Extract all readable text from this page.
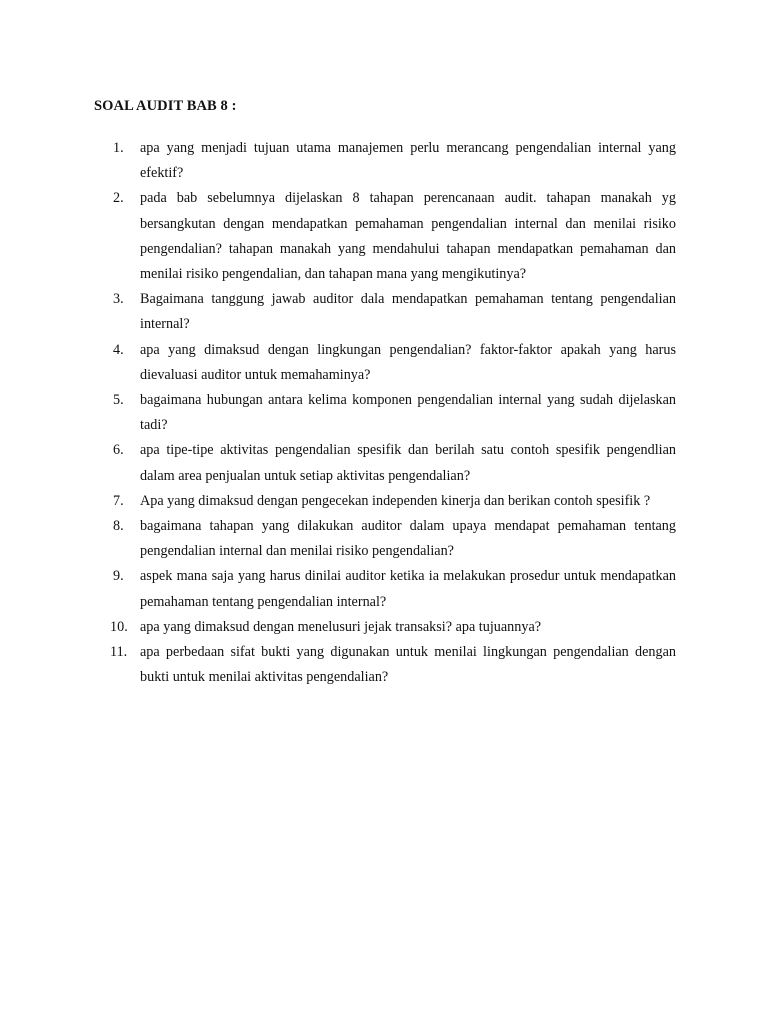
SOAL AUDIT BAB 8 :
1. apa yang menjadi tujuan utama manajemen perlu merancang pengendalian internal yang efektif?
2. pada bab sebelumnya dijelaskan 8 tahapan perencanaan audit. tahapan manakah yg bersangkutan dengan mendapatkan pemahaman pengendalian internal dan menilai risiko pengendalian? tahapan manakah yang mendahului tahapan mendapatkan pemahaman dan menilai risiko pengendalian, dan tahapan mana yang mengikutinya?
3. Bagaimana tanggung jawab auditor dala mendapatkan pemahaman tentang pengendalian internal?
4. apa yang dimaksud dengan lingkungan pengendalian? faktor-faktor apakah yang harus dievaluasi auditor untuk memahaminya?
5. bagaimana hubungan antara kelima komponen pengendalian internal yang sudah dijelaskan tadi?
6. apa tipe-tipe aktivitas pengendalian spesifik dan berilah satu contoh spesifik pengendlian dalam area penjualan untuk setiap aktivitas pengendalian?
7. Apa yang dimaksud dengan pengecekan independen kinerja dan berikan contoh spesifik ?
8. bagaimana tahapan yang dilakukan auditor dalam upaya mendapat pemahaman tentang pengendalian internal dan menilai risiko pengendalian?
9. aspek mana saja yang harus dinilai auditor ketika ia melakukan prosedur untuk mendapatkan pemahaman tentang pengendalian internal?
10. apa yang dimaksud dengan menelusuri jejak transaksi? apa tujuannya?
11. apa perbedaan sifat bukti yang digunakan untuk menilai lingkungan pengendalian dengan bukti untuk menilai aktivitas pengendalian?
